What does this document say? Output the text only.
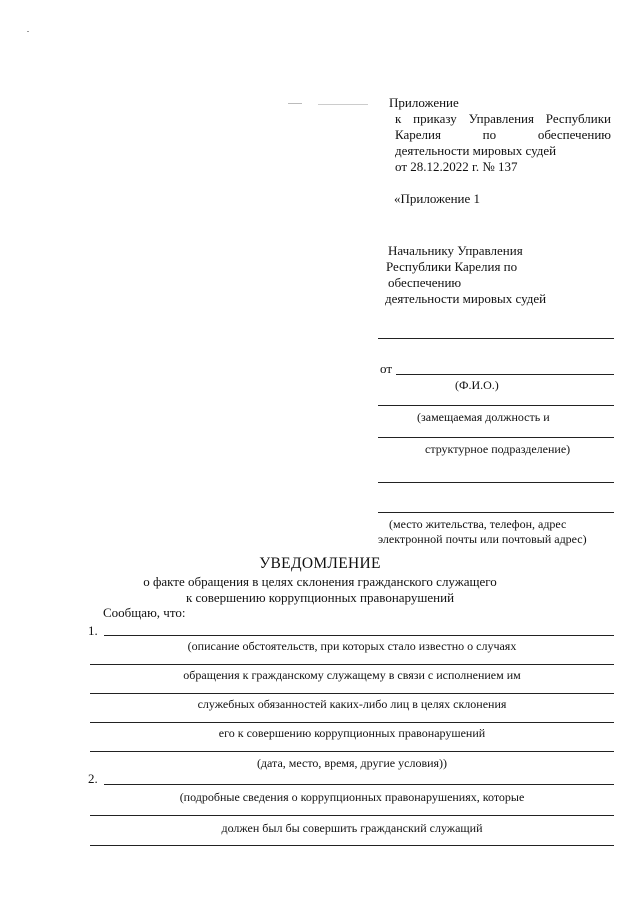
Приложение
к приказу Управления Республики
Карелия по обеспечению
деятельности мировых судей
от 28.12.2022 г. № 137
«Приложение 1
Начальнику Управления
Республики Карелия по
обеспечению
деятельности мировых судей
от
(Ф.И.О.)
(замещаемая должность и
структурное подразделение)
(место жительства, телефон, адрес
электронной почты или почтовый адрес)
УВЕДОМЛЕНИЕ
о факте обращения в целях склонения гражданского служащего
к совершению коррупционных правонарушений
Сообщаю, что:
1.
(описание обстоятельств, при которых стало известно о случаях
обращения к гражданскому служащему в связи с исполнением им
служебных обязанностей каких-либо лиц в целях склонения
его к совершению коррупционных правонарушений
(дата, место, время, другие условия))
2.
(подробные сведения о коррупционных правонарушениях, которые
должен был бы совершить гражданский служащий
